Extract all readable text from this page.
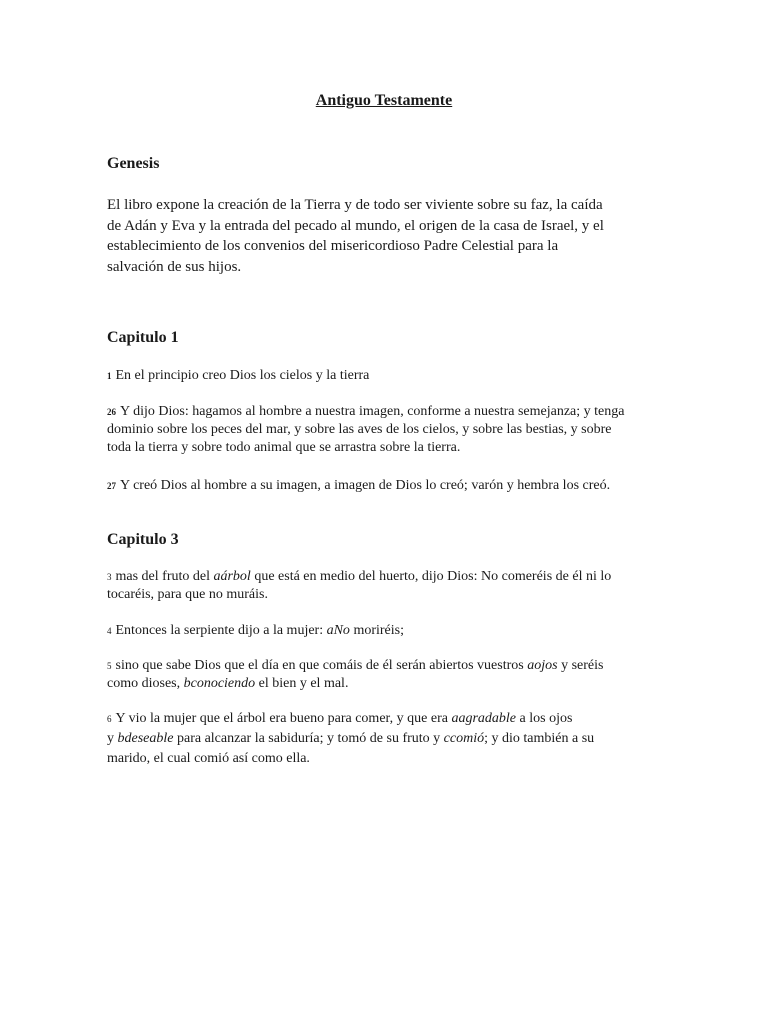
Antiguo Testamente
Genesis

El libro expone la creación de la Tierra y de todo ser viviente sobre su faz, la caída
de Adán y Eva y la entrada del pecado al mundo, el origen de la casa de Israel, y el
establecimiento de los convenios del misericordioso Padre Celestial para la
salvación de sus hijos.

Capitulo 1

1 En el principio creo Dios los cielos y la tierra

26 Y dijo Dios: hagamos al hombre a nuestra imagen, conforme a nuestra semejanza; y tenga
dominio sobre los peces del mar, y sobre las aves de los cielos, y sobre las bestias, y sobre
toda la tierra y sobre todo animal que se arrastra sobre la tierra.

27 Y creó Dios al hombre a su imagen, a imagen de Dios lo creó; varón y hembra los creó.

Capitulo 3

3 mas del fruto del aárbol que está en medio del huerto, dijo Dios: No comeréis de él ni lo
tocaréis, para que no muráis.

4 Entonces la serpiente dijo a la mujer: aNo moriréis;

5 sino que sabe Dios que el día en que comáis de él serán abiertos vuestros aojos y seréis
como dioses, bconociendo el bien y el mal.

6 Y vio la mujer que el árbol era bueno para comer, y que era aagradable a los ojos
y bdeseable para alcanzar la sabiduría; y tomó de su fruto y ccomió; y dio también a su
marido, el cual comió así como ella.
